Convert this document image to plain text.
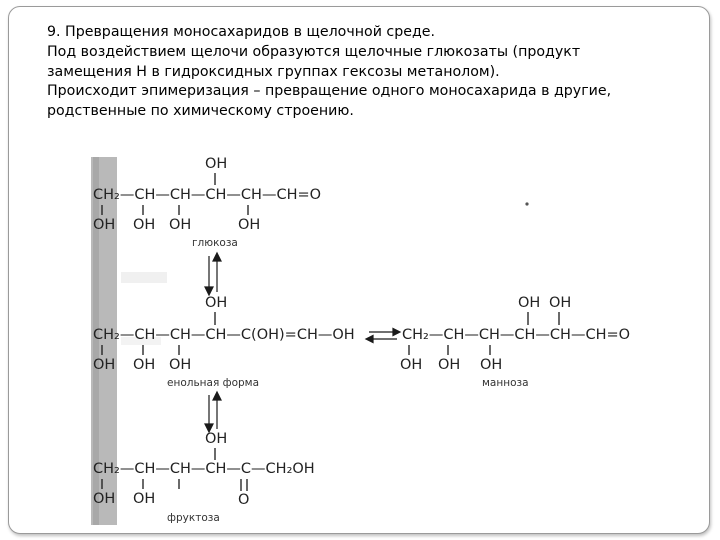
9. Превращения моносахаридов в щелочной среде.
Под воздействием щелочи образуются щелочные глюкозаты (продукт
замещения Н в гидроксидных группах гексозы метанолом).
Происходит эпимеризация – превращение одного моносахарида в другие,
родственные по химическому строению.
OH
CH₂—CH—CH—CH—CH—CH=O
OH OH OH	OH
глюкоза
OH
CH₂—CH—CH—CH—C(OH)=CH—OH
OH OH OH
енольная форма
OH OH
CH₂—CH—CH—CH—CH—CH=O
OH OH OH
манноза
OH
CH₂—CH—CH—CH—C—CH₂OH
OH OH	O
фруктоза
